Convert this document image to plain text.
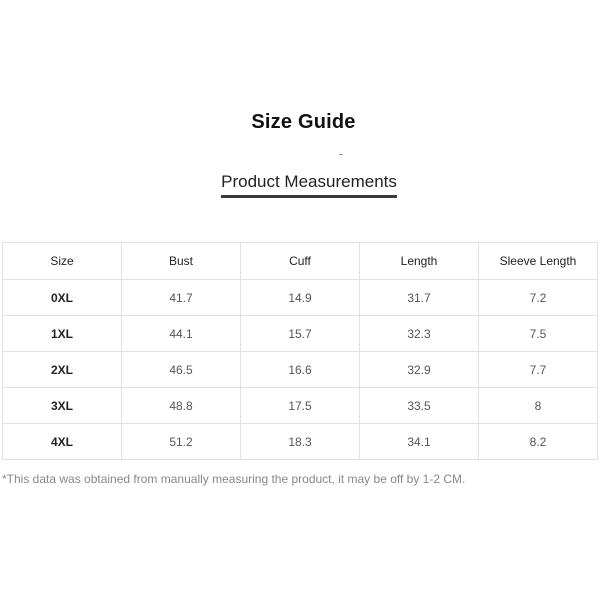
Size Guide
Product Measurements
Size	Bust	Cuff	Length	Sleeve Length
0XL	41.7	14.9	31.7	7.2
1XL	44.1	15.7	32.3	7.5
2XL	46.5	16.6	32.9	7.7
3XL	48.8	17.5	33.5	8
4XL	51.2	18.3	34.1	8.2
*This data was obtained from manually measuring the product, it may be off by 1-2 CM.
